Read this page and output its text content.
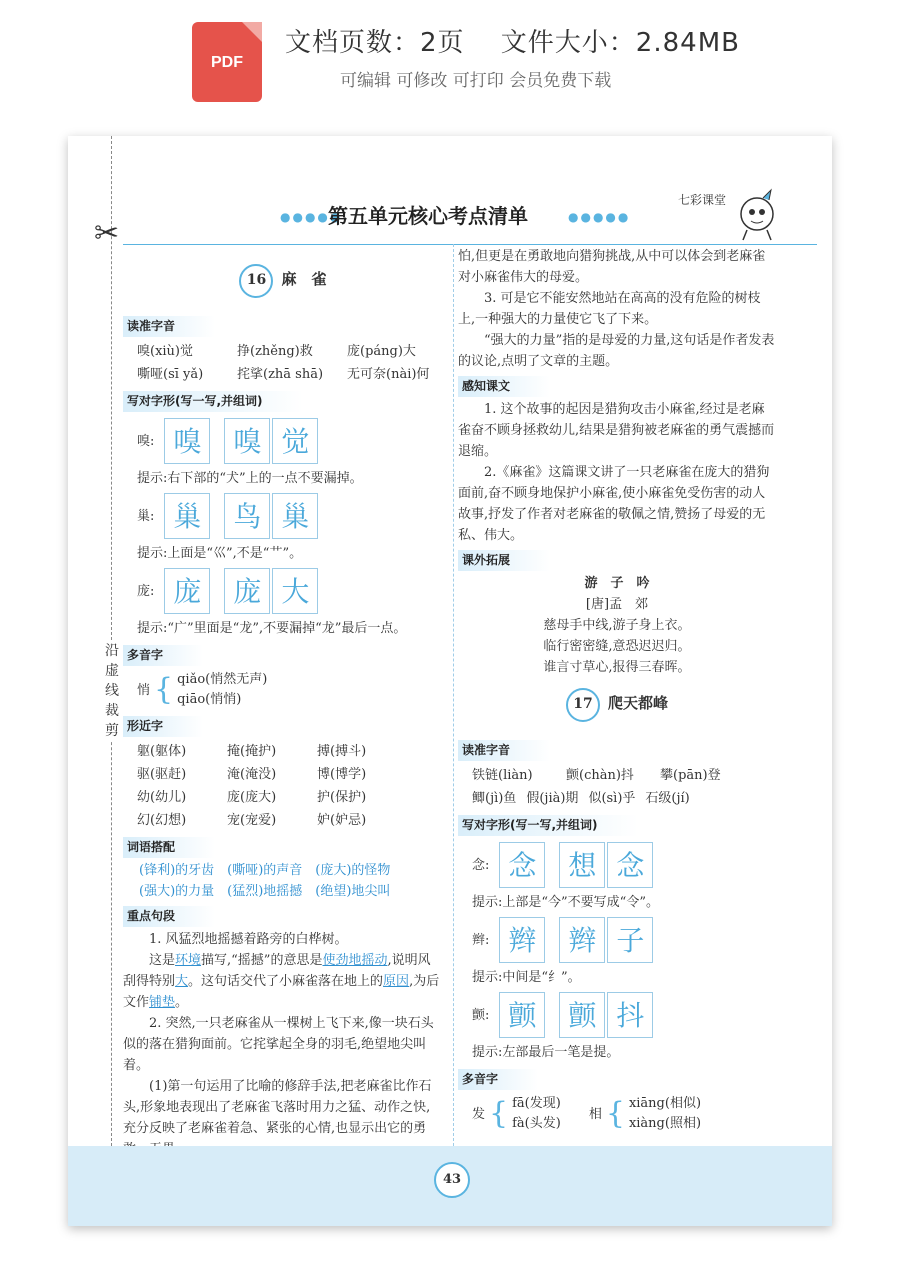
PDF
文档页数：2页　 文件大小：2.84MB
可编辑 可修改 可打印 会员免费下载
✂
沿虚线裁剪
●●●●●
第五单元核心考点清单	●●●●●
七彩课堂
16 麻　雀
读准字音
嗅(xiù)觉	挣(zhěng)救	庞(páng)大
嘶哑(sī yǎ)	挓挲(zhā shā)	无可奈(nài)何
写对字形(写一写,并组词)
嗅: 嗅	嗅 觉
提示:右下部的“犬”上的一点不要漏掉。
巢: 巢	鸟 巢
提示:上面是“巛”,不是“艹”。
庞: 庞	庞 大
提示:“广”里面是“龙”,不要漏掉“龙”最后一点。
多音字
悄 { qiǎo(悄然无声)
qiāo(悄悄)
形近字
躯(躯体)	掩(掩护)	搏(搏斗)
驱(驱赶)	淹(淹没)	博(博学)
幼(幼儿)	庞(庞大)	护(保护)
幻(幻想)	宠(宠爱)	妒(妒忌)
词语搭配

(锋利)的牙齿　(嘶哑)的声音　(庞大)的怪物

(强大)的力量　(猛烈)地摇撼　(绝望)地尖叫

重点句段

1. 风猛烈地摇撼着路旁的白桦树。

这是环境描写,“摇撼”的意思是使劲地摇动,说明风刮得特别大。这句话交代了小麻雀落在地上的原因,为后文作铺垫。

2. 突然,一只老麻雀从一棵树上飞下来,像一块石头似的落在猎狗面前。它挓挲起全身的羽毛,绝望地尖叫着。

(1)第一句运用了比喻的修辞手法,把老麻雀比作石头,形象地表现出了老麻雀飞落时用力之猛、动作之快,充分反映了老麻雀着急、紧张的心情,也显示出它的勇

怕,但更是在勇敢地向猎狗挑战,从中可以体会到老麻雀对小麻雀伟大的母爱。

3. 可是它不能安然地站在高高的没有危险的树枝上,一种强大的力量使它飞了下来。

“强大的力量”指的是母爱的力量,这句话是作者发表的议论,点明了文章的主题。

感知课文

1. 这个故事的起因是猎狗攻击小麻雀,经过是老麻雀奋不顾身拯救幼儿,结果是猎狗被老麻雀的勇气震撼而退缩。

2.《麻雀》这篇课文讲了一只老麻雀在庞大的猎狗面前,奋不顾身地保护小麻雀,使小麻雀免受伤害的动人故事,抒发了作者对老麻雀的敬佩之情,赞扬了母爱的无私、伟大。

课外拓展
游　子　吟
[唐]孟　郊
慈母手中线,游子身上衣。
临行密密缝,意恐迟迟归。
谁言寸草心,报得三春晖。
17 爬天都峰
读准字音
铁链(liàn)	颤(chàn)抖	攀(pān)登
鲫(jì)鱼 假(jià)期 似(sì)乎 石级(jí)
写对字形(写一写,并组词)
念: 念	想 念
提示:上部是“今”不要写成“令”。
辫: 辫	辫 子
提示:中间是“纟”。
颤: 颤	颤 抖
提示:左部最后一笔是提。
多音字
发 { fā(发现)
fà(头发)
相 { xiāng(相似)
xiàng(照相)
43
